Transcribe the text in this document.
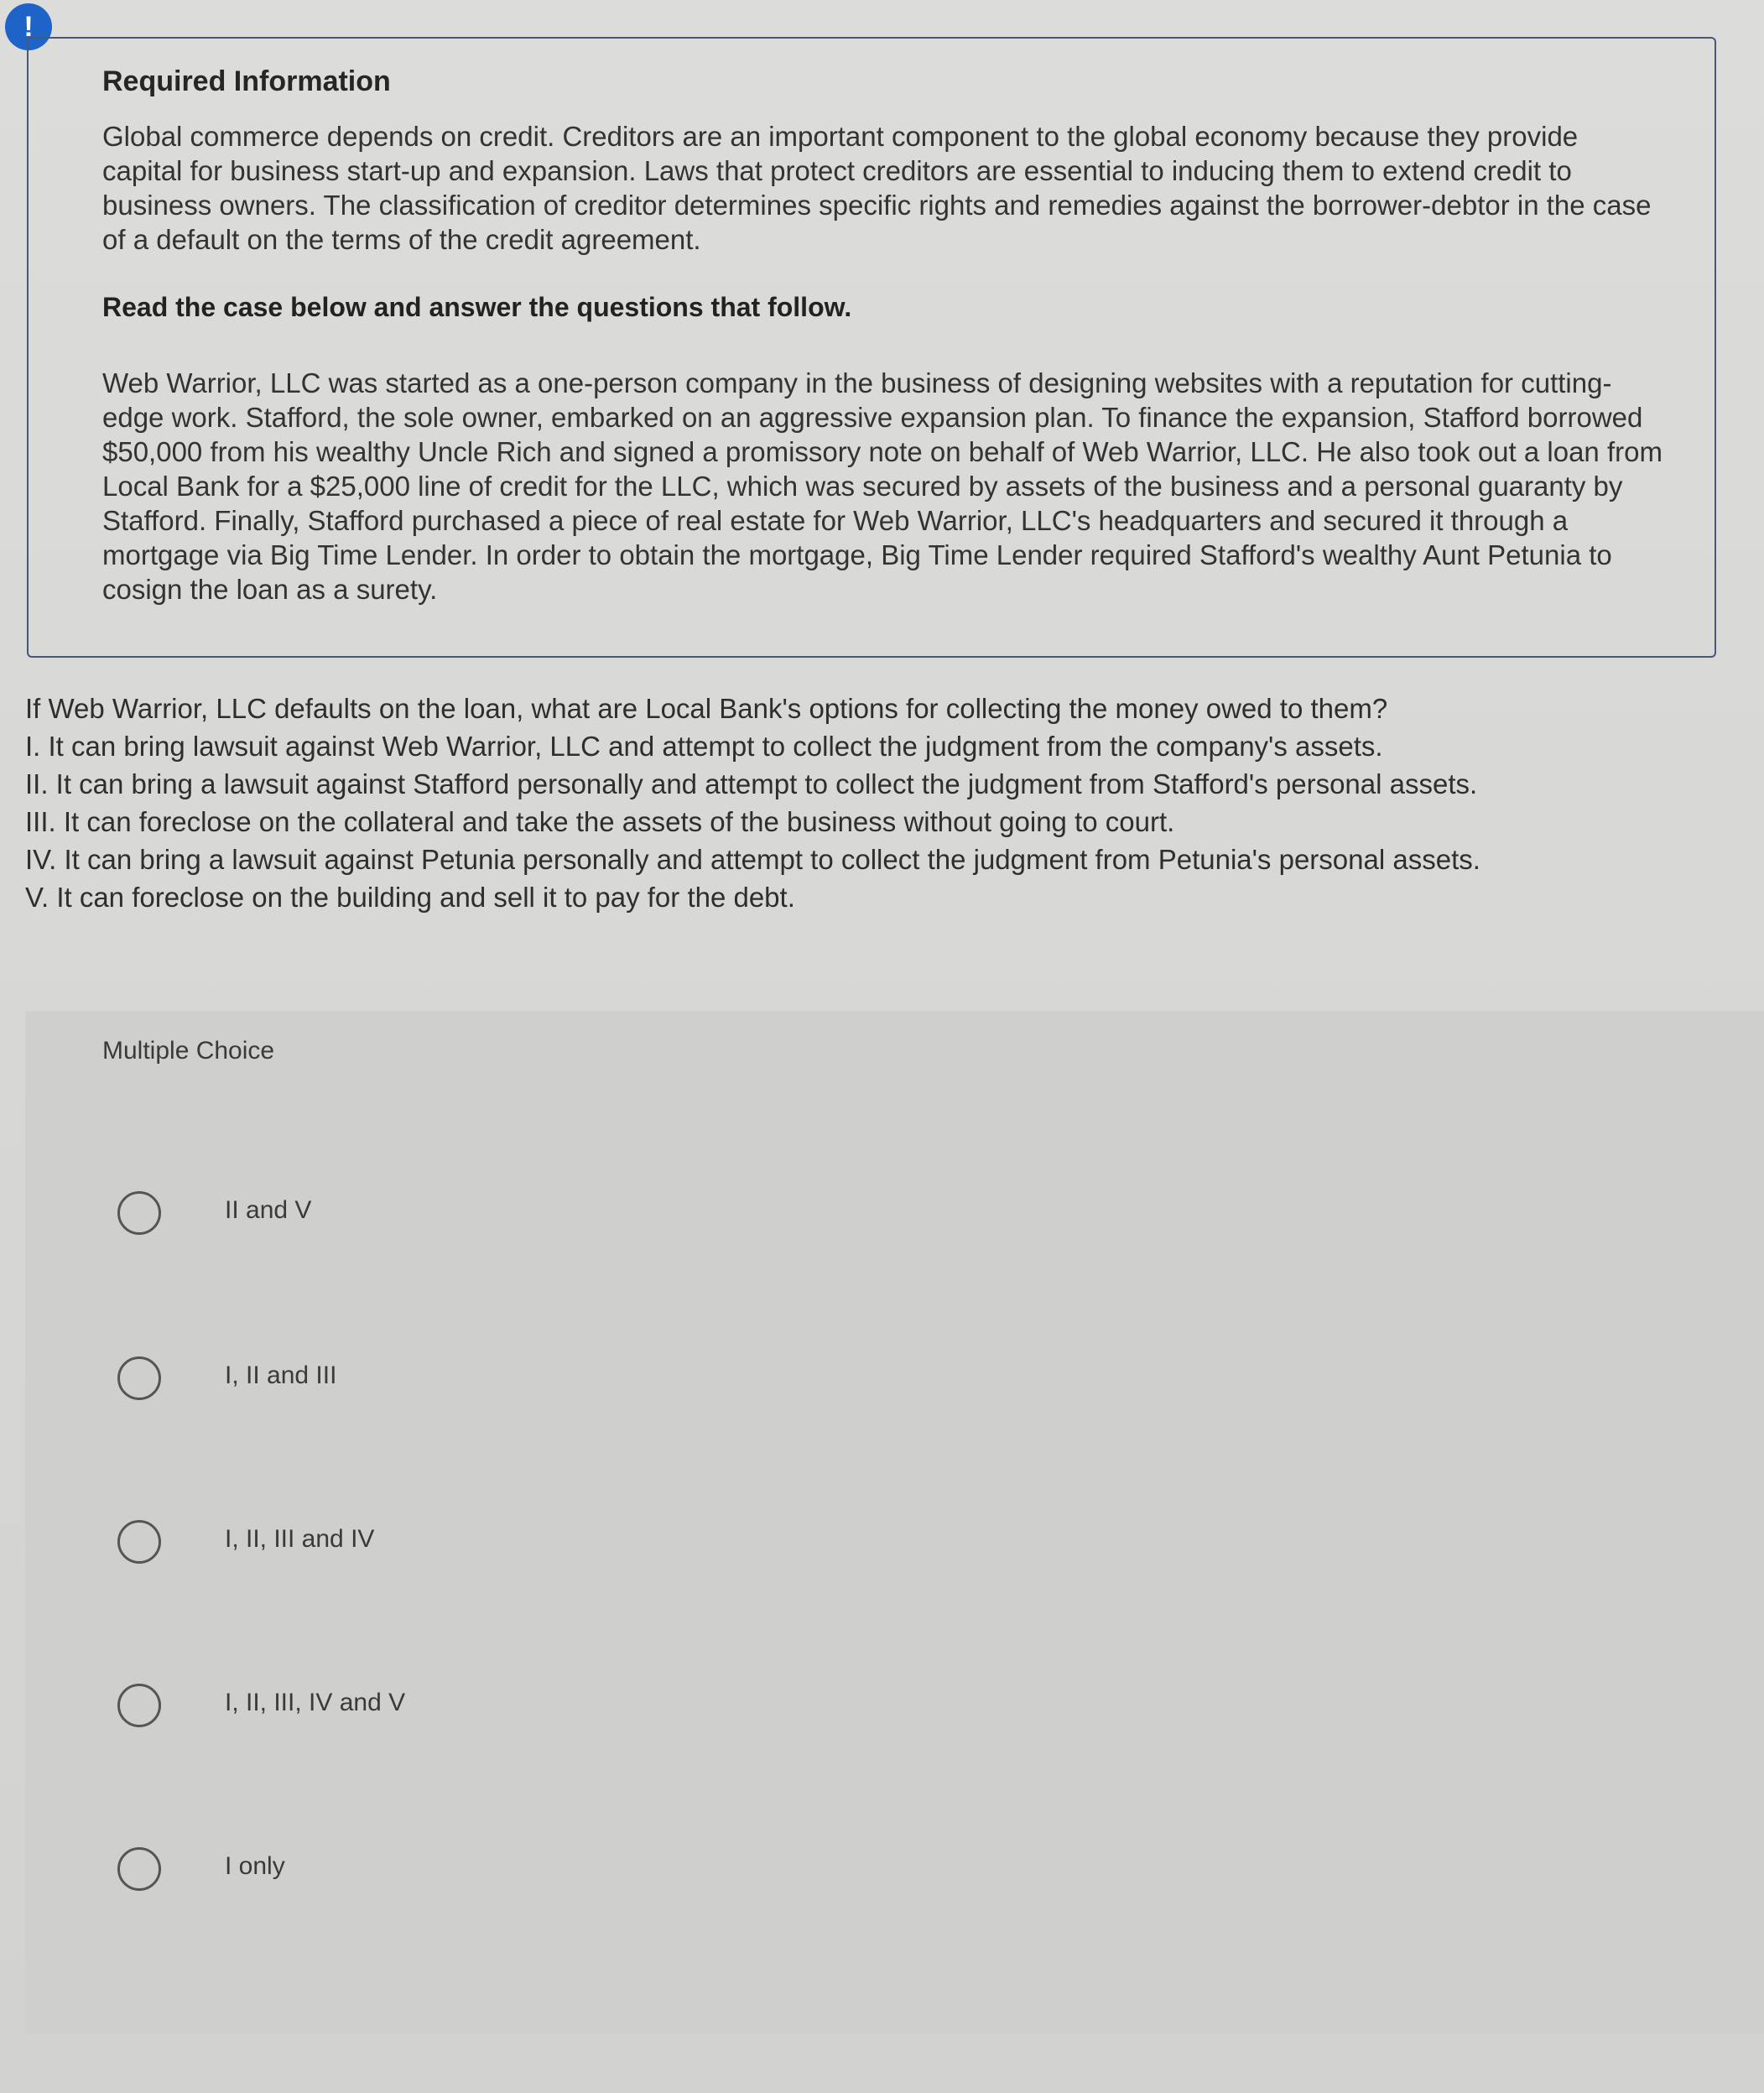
!
Required Information
Global commerce depends on credit. Creditors are an important component to the global economy because they provide capital for business start-up and expansion. Laws that protect creditors are essential to inducing them to extend credit to business owners. The classification of creditor determines specific rights and remedies against the borrower-debtor in the case of a default on the terms of the credit agreement.
Read the case below and answer the questions that follow.
Web Warrior, LLC was started as a one-person company in the business of designing websites with a reputation for cutting-edge work. Stafford, the sole owner, embarked on an aggressive expansion plan. To finance the expansion, Stafford borrowed $50,000 from his wealthy Uncle Rich and signed a promissory note on behalf of Web Warrior, LLC. He also took out a loan from Local Bank for a $25,000 line of credit for the LLC, which was secured by assets of the business and a personal guaranty by Stafford. Finally, Stafford purchased a piece of real estate for Web Warrior, LLC's headquarters and secured it through a mortgage via Big Time Lender. In order to obtain the mortgage, Big Time Lender required Stafford's wealthy Aunt Petunia to cosign the loan as a surety.
If Web Warrior, LLC defaults on the loan, what are Local Bank's options for collecting the money owed to them?
I. It can bring lawsuit against Web Warrior, LLC and attempt to collect the judgment from the company's assets.
II. It can bring a lawsuit against Stafford personally and attempt to collect the judgment from Stafford's personal assets.
III. It can foreclose on the collateral and take the assets of the business without going to court.
IV. It can bring a lawsuit against Petunia personally and attempt to collect the judgment from Petunia's personal assets.
V. It can foreclose on the building and sell it to pay for the debt.
Multiple Choice
II and V
I, II and III
I, II, III and IV
I, II, III, IV and V
I only
